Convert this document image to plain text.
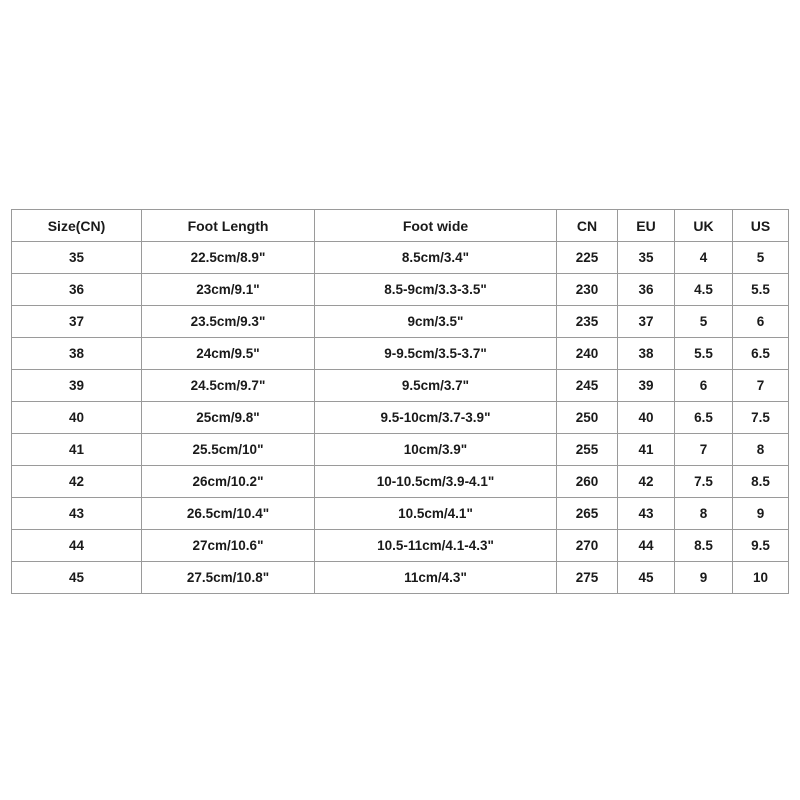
Size(CN)	Foot Length	Foot wide	CN	EU	UK	US
35	22.5cm/8.9"	8.5cm/3.4"	225	35	4	5
36	23cm/9.1"	8.5-9cm/3.3-3.5"	230	36	4.5	5.5
37	23.5cm/9.3"	9cm/3.5"	235	37	5	6
38	24cm/9.5"	9-9.5cm/3.5-3.7"	240	38	5.5	6.5
39	24.5cm/9.7"	9.5cm/3.7"	245	39	6	7
40	25cm/9.8"	9.5-10cm/3.7-3.9"	250	40	6.5	7.5
41	25.5cm/10"	10cm/3.9"	255	41	7	8
42	26cm/10.2"	10-10.5cm/3.9-4.1"	260	42	7.5	8.5
43	26.5cm/10.4"	10.5cm/4.1"	265	43	8	9
44	27cm/10.6"	10.5-11cm/4.1-4.3"	270	44	8.5	9.5
45	27.5cm/10.8"	11cm/4.3"	275	45	9	10
